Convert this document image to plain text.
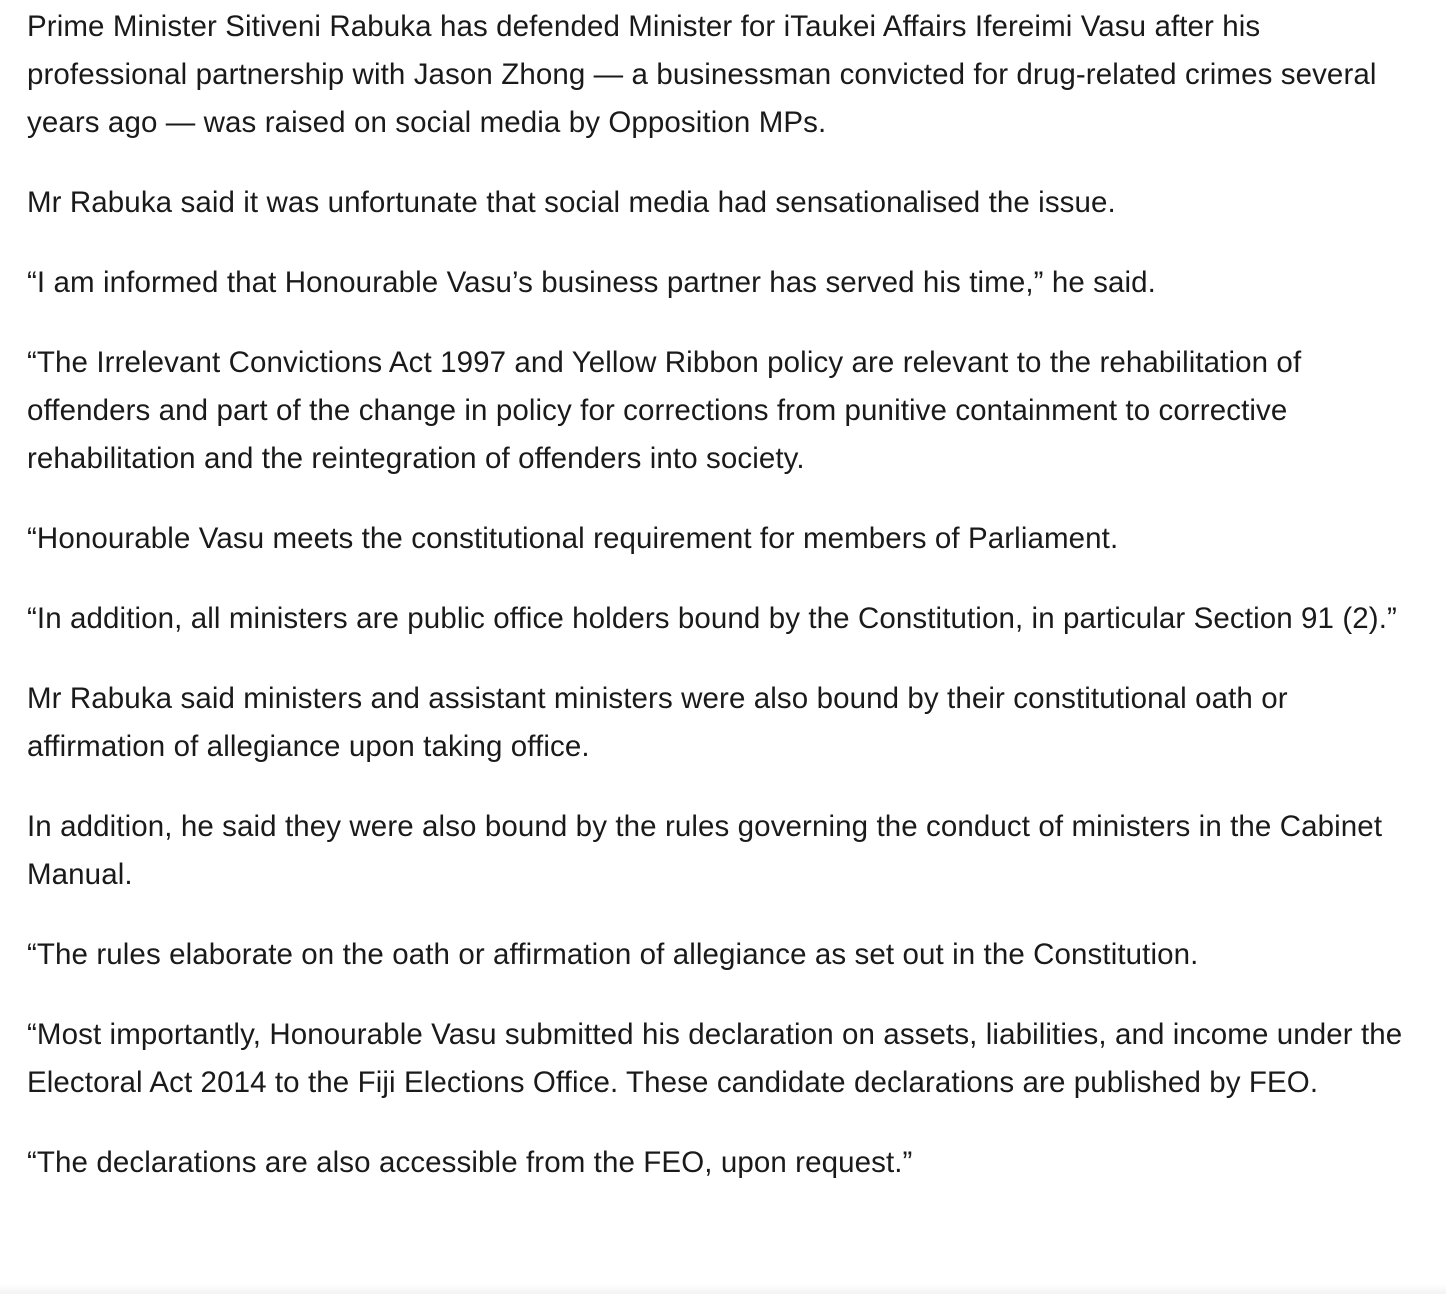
Prime Minister Sitiveni Rabuka has defended Minister for iTaukei Affairs Ifereimi Vasu after his professional partnership with Jason Zhong — a businessman convicted for drug-related crimes several years ago — was raised on social media by Opposition MPs.

Mr Rabuka said it was unfortunate that social media had sensationalised the issue.

“I am informed that Honourable Vasu’s business partner has served his time,” he said.

“The Irrelevant Convictions Act 1997 and Yellow Ribbon policy are relevant to the rehabilitation of offenders and part of the change in policy for corrections from punitive containment to corrective rehabilitation and the reintegration of offenders into society.

“Honourable Vasu meets the constitutional requirement for members of Parliament.

“In addition, all ministers are public office holders bound by the Constitution, in particular Section 91 (2).”

Mr Rabuka said ministers and assistant ministers were also bound by their constitutional oath or affirmation of allegiance upon taking office.

In addition, he said they were also bound by the rules governing the conduct of ministers in the Cabinet Manual.

“The rules elaborate on the oath or affirmation of allegiance as set out in the Constitution.

“Most importantly, Honourable Vasu submitted his declaration on assets, liabilities, and income under the Electoral Act 2014 to the Fiji Elections Office. These candidate declarations are published by FEO.

“The declarations are also accessible from the FEO, upon request.”
